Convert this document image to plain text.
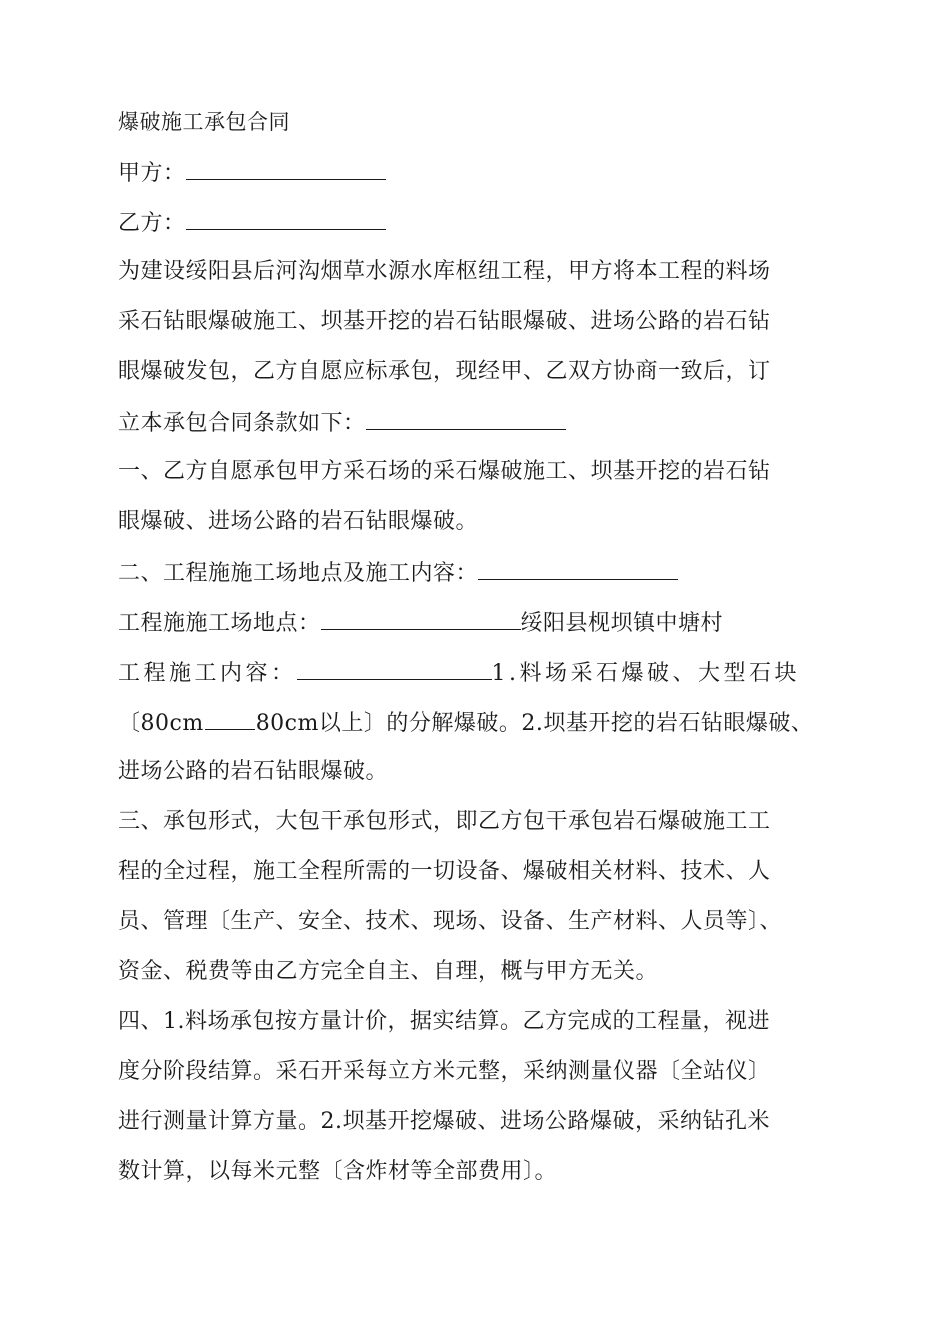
爆破施工承包合同
甲方：
乙方：
为建设绥阳县后河沟烟草水源水库枢纽工程，甲方将本工程的料场
采石钻眼爆破施工、坝基开挖的岩石钻眼爆破、进场公路的岩石钻
眼爆破发包，乙方自愿应标承包，现经甲、乙双方协商一致后，订
立本承包合同条款如下：
一、乙方自愿承包甲方采石场的采石爆破施工、坝基开挖的岩石钻
眼爆破、进场公路的岩石钻眼爆破。
二、工程施施工场地点及施工内容：
工程施施工场地点：	绥阳县枧坝镇中塘村
工程施工内容：	1.料场采石爆破、大型石块
〔80cm 80cm以上〕的分解爆破。2.坝基开挖的岩石钻眼爆破、
进场公路的岩石钻眼爆破。
三、承包形式，大包干承包形式，即乙方包干承包岩石爆破施工工
程的全过程，施工全程所需的一切设备、爆破相关材料、技术、人
员、管理〔生产、安全、技术、现场、设备、生产材料、人员等〕、
资金、税费等由乙方完全自主、自理，概与甲方无关。
四、1.料场承包按方量计价，据实结算。乙方完成的工程量，视进
度分阶段结算。采石开采每立方米元整，采纳测量仪器〔全站仪〕
进行测量计算方量。2.坝基开挖爆破、进场公路爆破，采纳钻孔米
数计算，以每米元整〔含炸材等全部费用〕。
